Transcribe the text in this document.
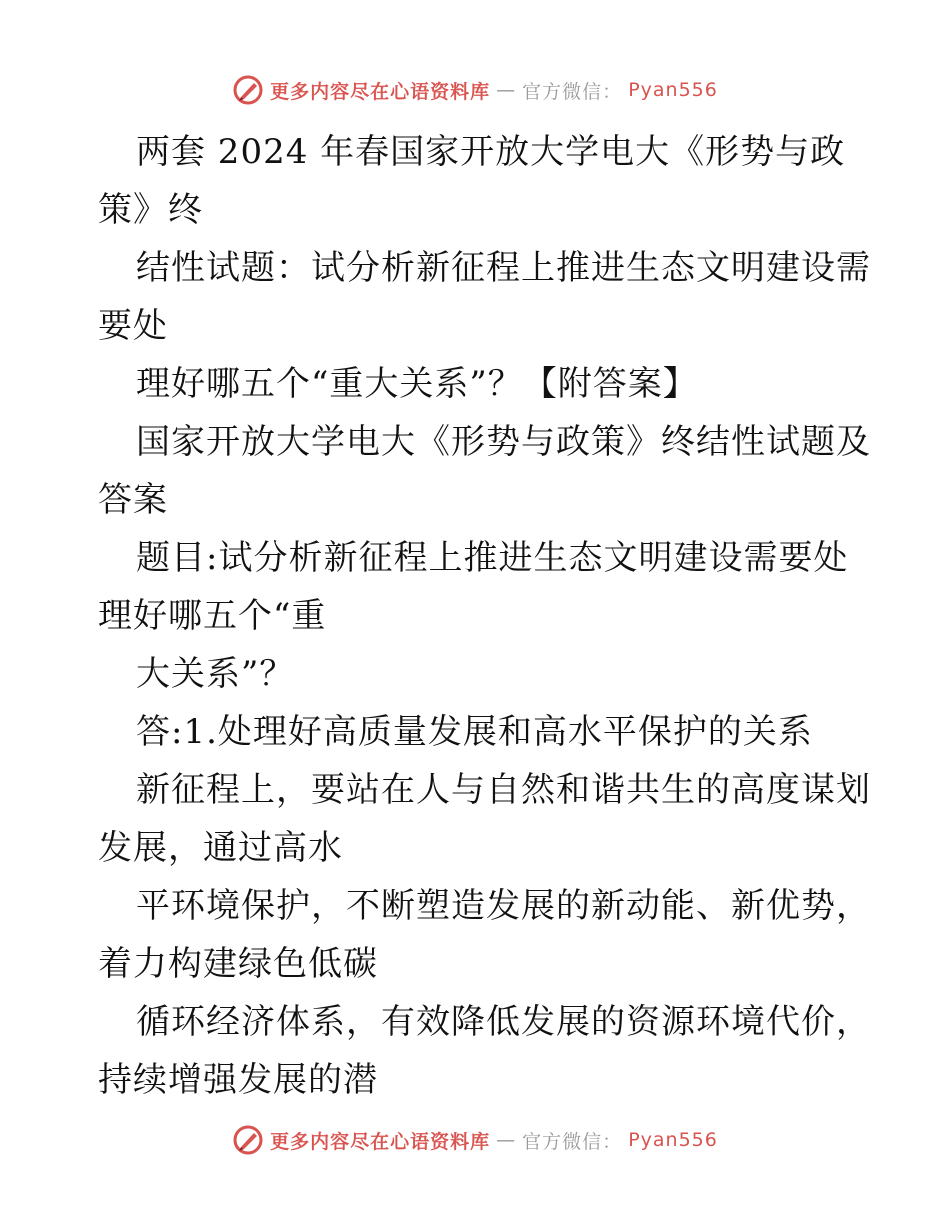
更多内容尽在心语资料库 — 官方微信： Pyan556
两套 2024 年春国家开放大学电大《形势与政
策》终
结性试题：试分析新征程上推进生态文明建设需
要处
理好哪五个“重大关系”？【附答案】
国家开放大学电大《形势与政策》终结性试题及
答案
题目:试分析新征程上推进生态文明建设需要处
理好哪五个“重
大关系”？
答:1.处理好高质量发展和高水平保护的关系
新征程上，要站在人与自然和谐共生的高度谋划
发展，通过高水
平环境保护，不断塑造发展的新动能、新优势，
着力构建绿色低碳
循环经济体系，有效降低发展的资源环境代价，
持续增强发展的潜
更多内容尽在心语资料库 — 官方微信： Pyan556
